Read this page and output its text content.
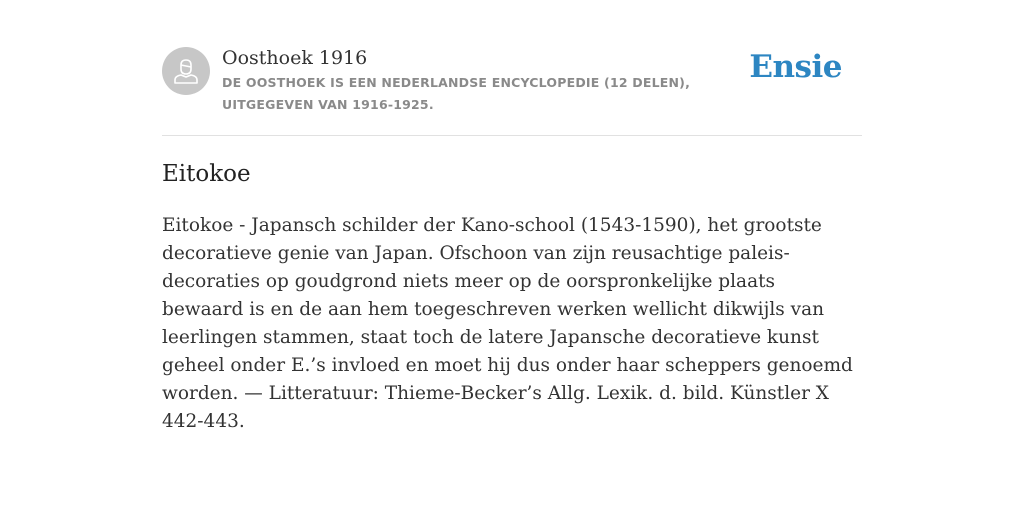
Oosthoek 1916
DE OOSTHOEK IS EEN NEDERLANDSE ENCYCLOPEDIE (12 DELEN), UITGEGEVEN VAN 1916-1925.
Ensie
Eitokoe

Eitokoe - Japansch schilder der Kano-school (1543-1590), het grootste decoratieve genie van Japan. Ofschoon van zijn reusachtige paleis-decoraties op goudgrond niets meer op de oorspronkelijke plaats bewaard is en de aan hem toegeschreven werken wellicht dikwijls van leerlingen stammen, staat toch de latere Japansche decoratieve kunst geheel onder E.’s invloed en moet hij dus onder haar scheppers genoemd worden. — Litteratuur: Thieme-Becker’s Allg. Lexik. d. bild. Künstler X 442-443.
